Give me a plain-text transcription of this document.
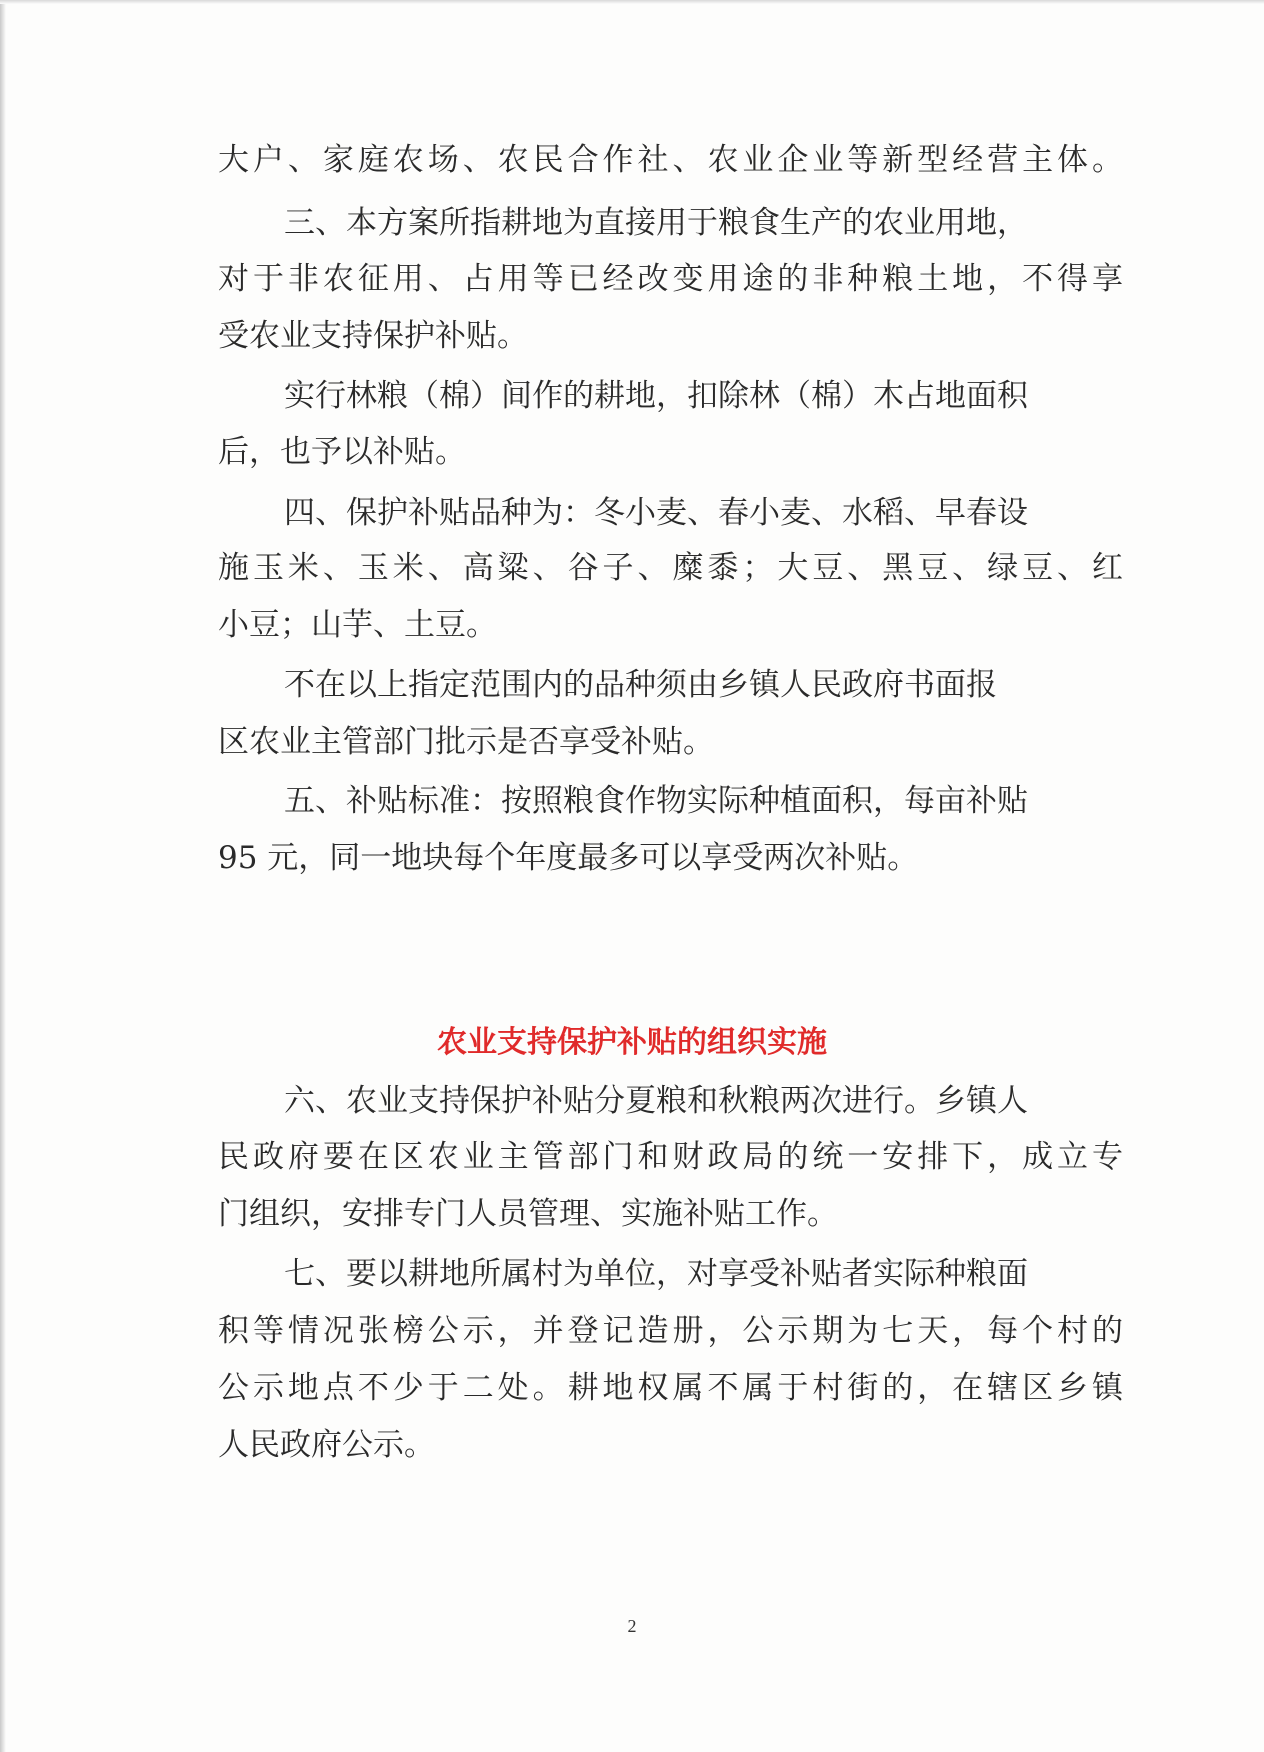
大户、家庭农场、农民合作社、农业企业等新型经营主体。
三、本方案所指耕地为直接用于粮食生产的农业用地，
对于非农征用、占用等已经改变用途的非种粮土地，不得享
受农业支持保护补贴。
实行林粮（棉）间作的耕地，扣除林（棉）木占地面积
后，也予以补贴。
四、保护补贴品种为：冬小麦、春小麦、水稻、早春设
施玉米、玉米、高粱、谷子、糜黍；大豆、黑豆、绿豆、红
小豆；山芋、土豆。
不在以上指定范围内的品种须由乡镇人民政府书面报
区农业主管部门批示是否享受补贴。
五、补贴标准：按照粮食作物实际种植面积，每亩补贴
95 元，同一地块每个年度最多可以享受两次补贴。
农业支持保护补贴的组织实施
六、农业支持保护补贴分夏粮和秋粮两次进行。乡镇人
民政府要在区农业主管部门和财政局的统一安排下，成立专
门组织，安排专门人员管理、实施补贴工作。
七、要以耕地所属村为单位，对享受补贴者实际种粮面
积等情况张榜公示，并登记造册，公示期为七天，每个村的
公示地点不少于二处。耕地权属不属于村街的，在辖区乡镇
人民政府公示。
2
